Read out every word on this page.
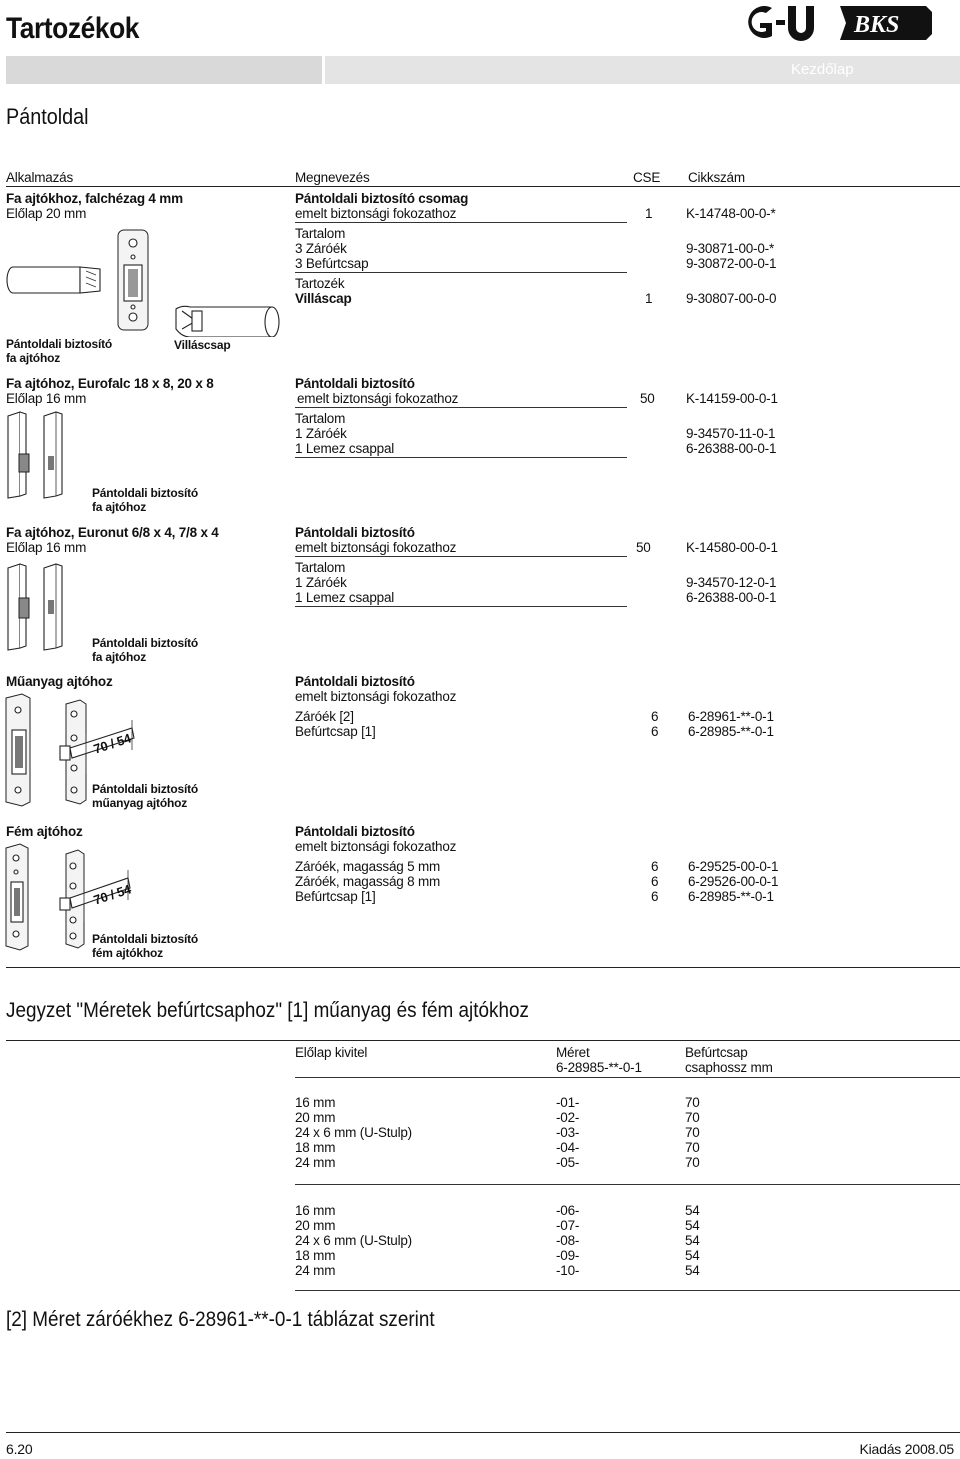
Tartozékok	BKS
Kezdőlap
Pántoldal
Alkalmazás	Megnevezés	CSE Cikkszám
Fa ajtókhoz, falchézag 4 mm
Előlap 20 mm
Pántoldali biztosító csomag
emelt biztonsági fokozathoz	1 K-14748-00-0-*
Tartalom
3 Záróék	9-30871-00-0-*
3 Befúrtcsap	9-30872-00-0-1
Tartozék
Villáscap	1 9-30807-00-0-0
Pántoldali biztosító
fa ajtóhoz
Villáscsap
Fa ajtóhoz, Eurofalc 18 x 8, 20 x 8
Előlap 16 mm
Pántoldali biztosító
emelt biztonsági fokozathoz	50 K-14159-00-0-1
Tartalom
1 Záróék	9-34570-11-0-1
1 Lemez csappal	6-26388-00-0-1
Pántoldali biztosító
fa ajtóhoz
Fa ajtóhoz, Euronut 6/8 x 4, 7/8 x 4
Előlap 16 mm
Pántoldali biztosító
emelt biztonsági fokozathoz	50	K-14580-00-0-1
Tartalom
1 Záróék	9-34570-12-0-1
1 Lemez csappal	6-26388-00-0-1
Pántoldali biztosító
fa ajtóhoz
Műanyag ajtóhoz	Pántoldali biztosító
emelt biztonsági fokozathoz
Záróék [2]	6 6-28961-**-0-1
Befúrtcsap [1]	6 6-28985-**-0-1
70 / 54
Pántoldali biztosító
műanyag ajtóhoz
Fém ajtóhoz	Pántoldali biztosító
emelt biztonsági fokozathoz
Záróék, magasság 5 mm	6 6-29525-00-0-1
Záróék, magasság 8 mm	6 6-29526-00-0-1
Befúrtcsap [1]	6 6-28985-**-0-1
70 / 54
Pántoldali biztosító
fém ajtókhoz
Jegyzet "Méretek befúrtcsaphoz" [1] műanyag és fém ajtókhoz
Előlap kivitel	Méret
6-28985-**-0-1
Befúrtcsap
csaphossz mm
16 mm	-01-	70
20 mm	-02-	70
24 x 6 mm (U-Stulp)	-03-	70
18 mm	-04-	70
24 mm	-05-	70
16 mm	-06-	54
20 mm	-07-	54
24 x 6 mm (U-Stulp)	-08-	54
18 mm	-09-	54
24 mm	-10-	54
[2] Méret záróékhez 6-28961-**-0-1 táblázat szerint
6.20	Kiadás 2008.05
